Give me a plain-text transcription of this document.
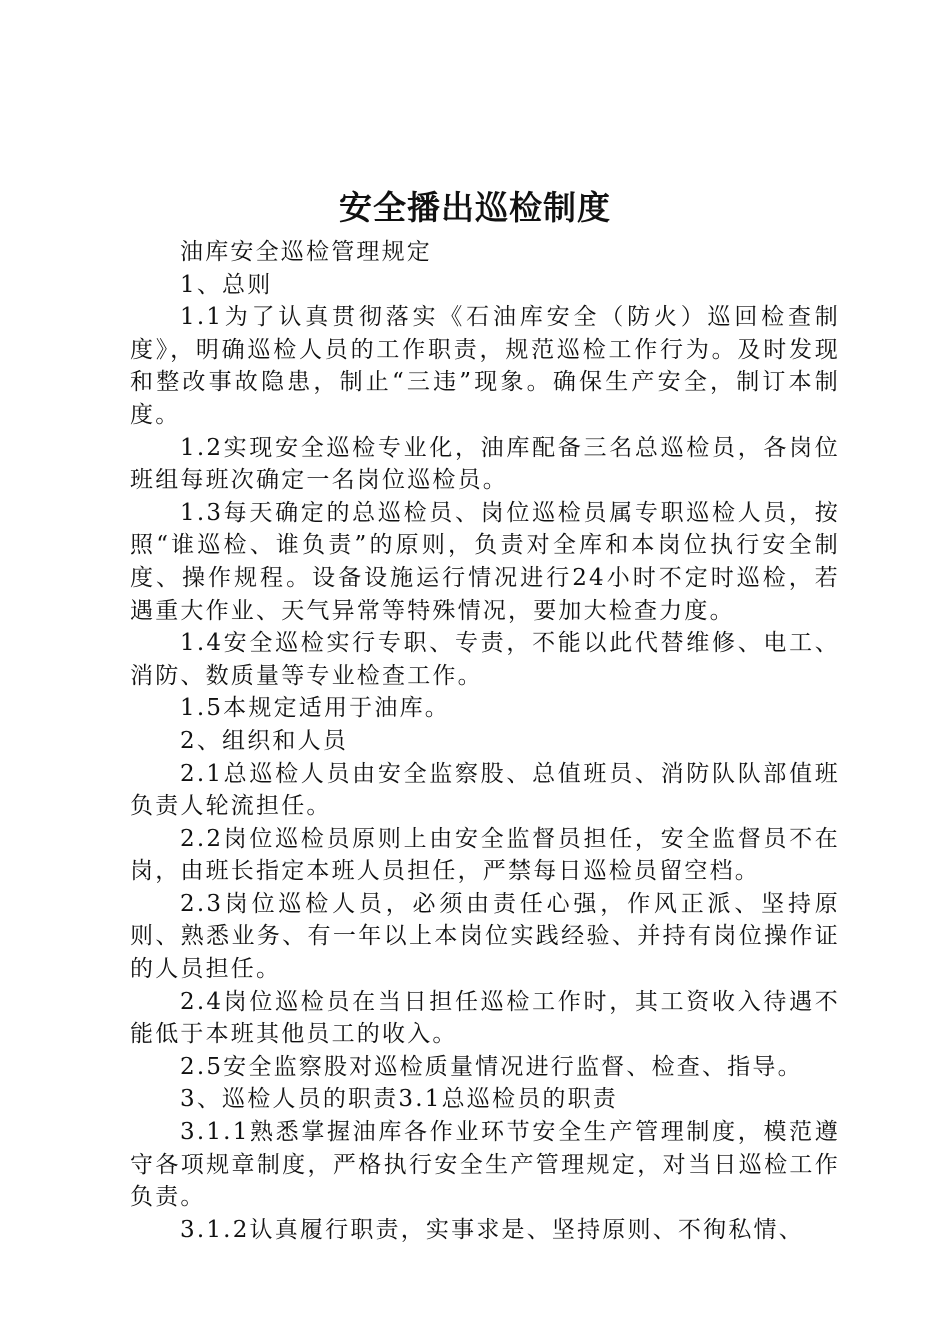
安全播出巡检制度

油库安全巡检管理规定

1、总则

1.1为了认真贯彻落实《石油库安全（防火）巡回检查制度》，明确巡检人员的工作职责，规范巡检工作行为。及时发现和整改事故隐患，制止“三违”现象。确保生产安全，制订本制度。

1.2实现安全巡检专业化，油库配备三名总巡检员，各岗位班组每班次确定一名岗位巡检员。

1.3每天确定的总巡检员、岗位巡检员属专职巡检人员，按照“谁巡检、谁负责”的原则，负责对全库和本岗位执行安全制度、操作规程。设备设施运行情况进行24小时不定时巡检，若遇重大作业、天气异常等特殊情况，要加大检查力度。

1.4安全巡检实行专职、专责，不能以此代替维修、电工、消防、数质量等专业检查工作。

1.5本规定适用于油库。

2、组织和人员

2.1总巡检人员由安全监察股、总值班员、消防队队部值班负责人轮流担任。

2.2岗位巡检员原则上由安全监督员担任，安全监督员不在岗，由班长指定本班人员担任，严禁每日巡检员留空档。

2.3岗位巡检人员，必须由责任心强，作风正派、坚持原则、熟悉业务、有一年以上本岗位实践经验、并持有岗位操作证的人员担任。

2.4岗位巡检员在当日担任巡检工作时，其工资收入待遇不能低于本班其他员工的收入。

2.5安全监察股对巡检质量情况进行监督、检查、指导。

3、巡检人员的职责3.1总巡检员的职责

3.1.1熟悉掌握油库各作业环节安全生产管理制度，模范遵守各项规章制度，严格执行安全生产管理规定，对当日巡检工作负责。

3.1.2认真履行职责，实事求是、坚持原则、不徇私情、
